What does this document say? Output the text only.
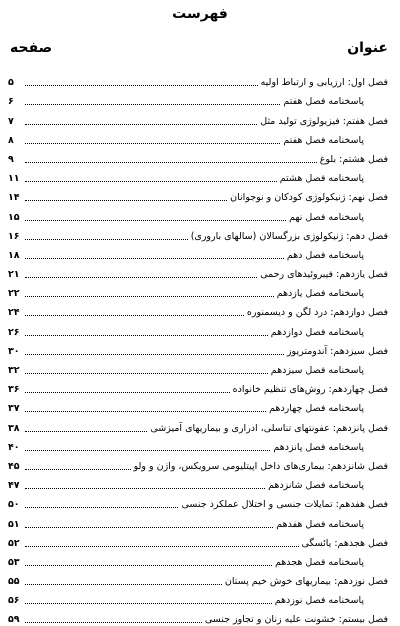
فهرست
عنوان
صفحه
فصل اول: ارزیابی و ارتباط اولیه
۵
پاسخنامه فصل هفتم
۶
فصل هفتم: فیزیولوژی تولید مثل
۷
پاسخنامه فصل هفتم
۸
فصل هشتم: بلوغ
۹
پاسخنامه فصل هشتم
۱۱
فصل نهم: ژنیکولوژی کودکان و نوجوانان
۱۴
پاسخنامه فصل نهم
۱۵
فصل دهم: ژنیکولوژی بزرگسالان (سالهای باروری)
۱۶
پاسخنامه فصل دهم
۱۸
فصل یازدهم: فیبروئیدهای رحمی
۲۱
پاسخنامه فصل یازدهم
۲۲
فصل دوازدهم: درد لگن و دیسمنوره
۲۴
پاسخنامه فصل دوازدهم
۲۶
فصل سیزدهم: آندومتریوز
۳۰
پاسخنامه فصل سیزدهم
۳۲
فصل چهاردهم: روش‌های تنظیم خانواده
۳۶
پاسخنامه فصل چهاردهم
۳۷
فصل پانزدهم: عفونتهای تناسلی، ادراری و بیماریهای آمیزشی
۳۸
پاسخنامه فصل پانزدهم
۴۰
فصل شانزدهم: بیماری‌های داخل اپیتلیومی سرویکس، واژن و ولو
۴۵
پاسخنامه فصل شانزدهم
۴۷
فصل هفدهم: تمایلات جنسی و اختلال عملکرد جنسی
۵۰
پاسخنامه فصل هفدهم
۵۱
فصل هجدهم: یائسگی
۵۲
پاسخنامه فصل هجدهم
۵۳
فصل نوزدهم: بیماریهای خوش خیم پستان
۵۵
پاسخنامه فصل نوزدهم
۵۶
فصل بیستم: خشونت علیه زنان و تجاوز جنسی
۵۹
